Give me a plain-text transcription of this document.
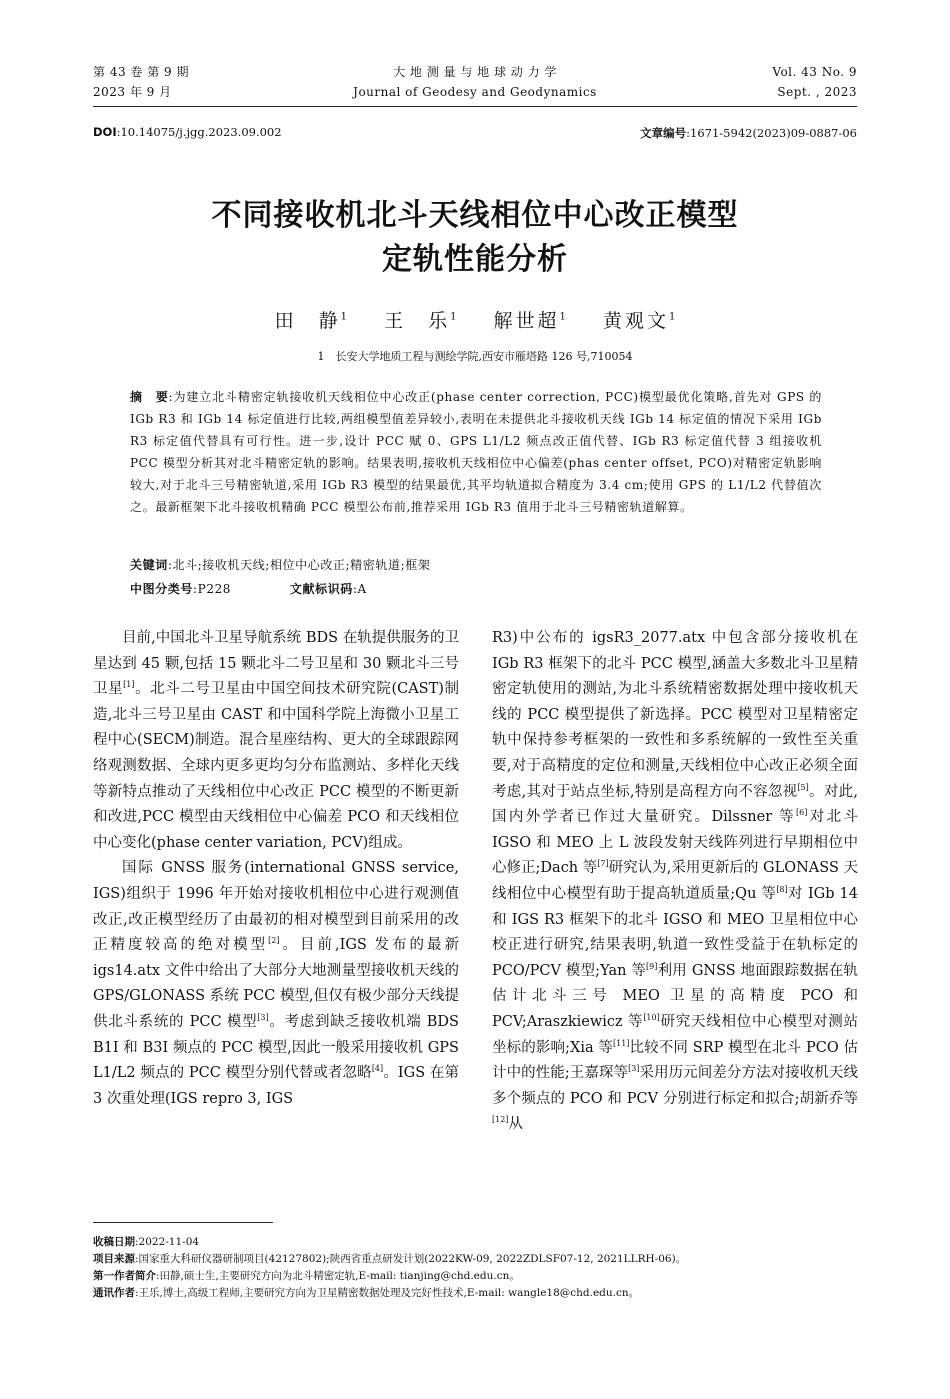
第 43 卷 第 9 期
2023 年 9 月
大 地 测 量 与 地 球 动 力 学
Journal of Geodesy and Geodynamics
Vol. 43 No. 9
Sept. , 2023
DOI:10.14075/j.jgg.2023.09.002	文章编号:1671-5942(2023)09-0887-06
不同接收机北斗天线相位中心改正模型
定轨性能分析
田　静$^1$ 王　乐$^1$ 解世超$^1$ 黄观文$^1$
1　长安大学地质工程与测绘学院,西安市雁塔路 126 号,710054
摘　要:为建立北斗精密定轨接收机天线相位中心改正(phase center correction, PCC)模型最优化策略,首先对 GPS 的 IGb R3 和 IGb 14 标定值进行比较,两组模型值差异较小,表明在未提供北斗接收机天线 IGb 14 标定值的情况下采用 IGb R3 标定值代替具有可行性。进一步,设计 PCC 赋 0、GPS L1/L2 频点改正值代替、IGb R3 标定值代替 3 组接收机 PCC 模型分析其对北斗精密定轨的影响。结果表明,接收机天线相位中心偏差(phas center offset, PCO)对精密定轨影响较大,对于北斗三号精密轨道,采用 IGb R3 模型的结果最优,其平均轨道拟合精度为 3.4 cm;使用 GPS 的 L1/L2 代替值次之。最新框架下北斗接收机精确 PCC 模型公布前,推荐采用 IGb R3 值用于北斗三号精密轨道解算。
关键词:北斗;接收机天线;相位中心改正;精密轨道;框架
中图分类号:P228	文献标识码:A

目前,中国北斗卫星导航系统 BDS 在轨提供服务的卫星达到 45 颗,包括 15 颗北斗二号卫星和 30 颗北斗三号卫星[1]。北斗二号卫星由中国空间技术研究院(CAST)制造,北斗三号卫星由 CAST 和中国科学院上海微小卫星工程中心(SECM)制造。混合星座结构、更大的全球跟踪网络观测数据、全球内更多更均匀分布监测站、多样化天线等新特点推动了天线相位中心改正 PCC 模型的不断更新和改进,PCC 模型由天线相位中心偏差 PCO 和天线相位中心变化(phase center variation, PCV)组成。

国际 GNSS 服务(international GNSS service, IGS)组织于 1996 年开始对接收机相位中心进行观测值改正,改正模型经历了由最初的相对模型到目前采用的改正精度较高的绝对模型[2]。目前,IGS 发布的最新 igs14.atx 文件中给出了大部分大地测量型接收机天线的 GPS/GLONASS 系统 PCC 模型,但仅有极少部分天线提供北斗系统的 PCC 模型[3]。考虑到缺乏接收机端 BDS B1I 和 B3I 频点的 PCC 模型,因此一般采用接收机 GPS L1/L2 频点的 PCC 模型分别代替或者忽略[4]。IGS 在第 3 次重处理(IGS repro 3, IGS

R3)中公布的 igsR3_2077.atx 中包含部分接收机在 IGb R3 框架下的北斗 PCC 模型,涵盖大多数北斗卫星精密定轨使用的测站,为北斗系统精密数据处理中接收机天线的 PCC 模型提供了新选择。PCC 模型对卫星精密定轨中保持参考框架的一致性和多系统解的一致性至关重要,对于高精度的定位和测量,天线相位中心改正必须全面考虑,其对于站点坐标,特别是高程方向不容忽视[5]。对此,国内外学者已作过大量研究。Dilssner 等[6]对北斗 IGSO 和 MEO 上 L 波段发射天线阵列进行早期相位中心修正;Dach 等[7]研究认为,采用更新后的 GLONASS 天线相位中心模型有助于提高轨道质量;Qu 等[8]对 IGb 14 和 IGS R3 框架下的北斗 IGSO 和 MEO 卫星相位中心校正进行研究,结果表明,轨道一致性受益于在轨标定的 PCO/PCV 模型;Yan 等[9]利用 GNSS 地面跟踪数据在轨估计北斗三号 MEO 卫星的高精度 PCO 和 PCV;Araszkiewicz 等[10]研究天线相位中心模型对测站坐标的影响;Xia 等[11]比较不同 SRP 模型在北斗 PCO 估计中的性能;王嘉琛等[3]采用历元间差分方法对接收机天线多个频点的 PCO 和 PCV 分别进行标定和拟合;胡新乔等[12]从

收稿日期:2022-11-04
项目来源:国家重大科研仪器研制项目(42127802);陕西省重点研发计划(2022KW-09, 2022ZDLSF07-12, 2021LLRH-06)。
第一作者简介:田静,硕士生,主要研究方向为北斗精密定轨,E-mail: tianjing@chd.edu.cn。
通讯作者:王乐,博士,高级工程师,主要研究方向为卫星精密数据处理及完好性技术,E-mail: wangle18@chd.edu.cn。
